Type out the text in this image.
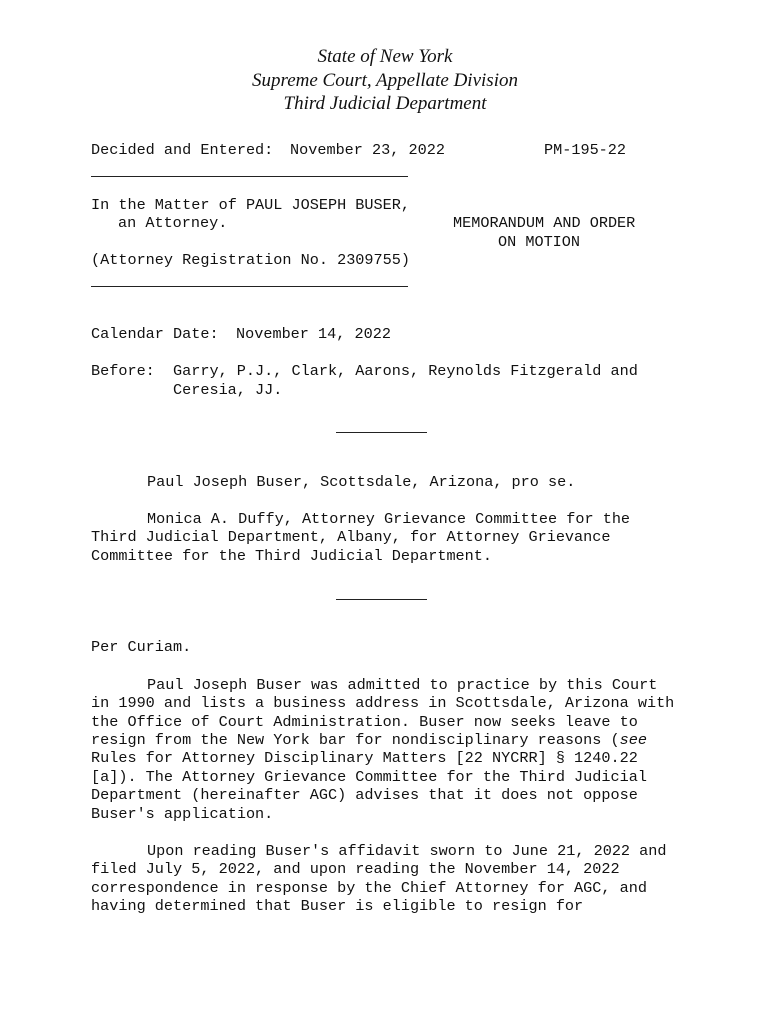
State of New York
Supreme Court, Appellate Division
Third Judicial Department
Decided and Entered: November 23, 2022	PM-195-22
In the Matter of PAUL JOSEPH BUSER,
an Attorney.	MEMORANDUM AND ORDER
ON MOTION
(Attorney Registration No. 2309755)
Calendar Date: November 14, 2022
Before: Garry, P.J., Clark, Aarons, Reynolds Fitzgerald and
Ceresia, JJ.
Paul Joseph Buser, Scottsdale, Arizona, pro se.
Monica A. Duffy, Attorney Grievance Committee for the
Third Judicial Department, Albany, for Attorney Grievance
Committee for the Third Judicial Department.
Per Curiam.
Paul Joseph Buser was admitted to practice by this Court
in 1990 and lists a business address in Scottsdale, Arizona with
the Office of Court Administration. Buser now seeks leave to
resign from the New York bar for nondisciplinary reasons (see
Rules for Attorney Disciplinary Matters [22 NYCRR] § 1240.22
[a]). The Attorney Grievance Committee for the Third Judicial
Department (hereinafter AGC) advises that it does not oppose
Buser's application.
Upon reading Buser's affidavit sworn to June 21, 2022 and
filed July 5, 2022, and upon reading the November 14, 2022
correspondence in response by the Chief Attorney for AGC, and
having determined that Buser is eligible to resign for
